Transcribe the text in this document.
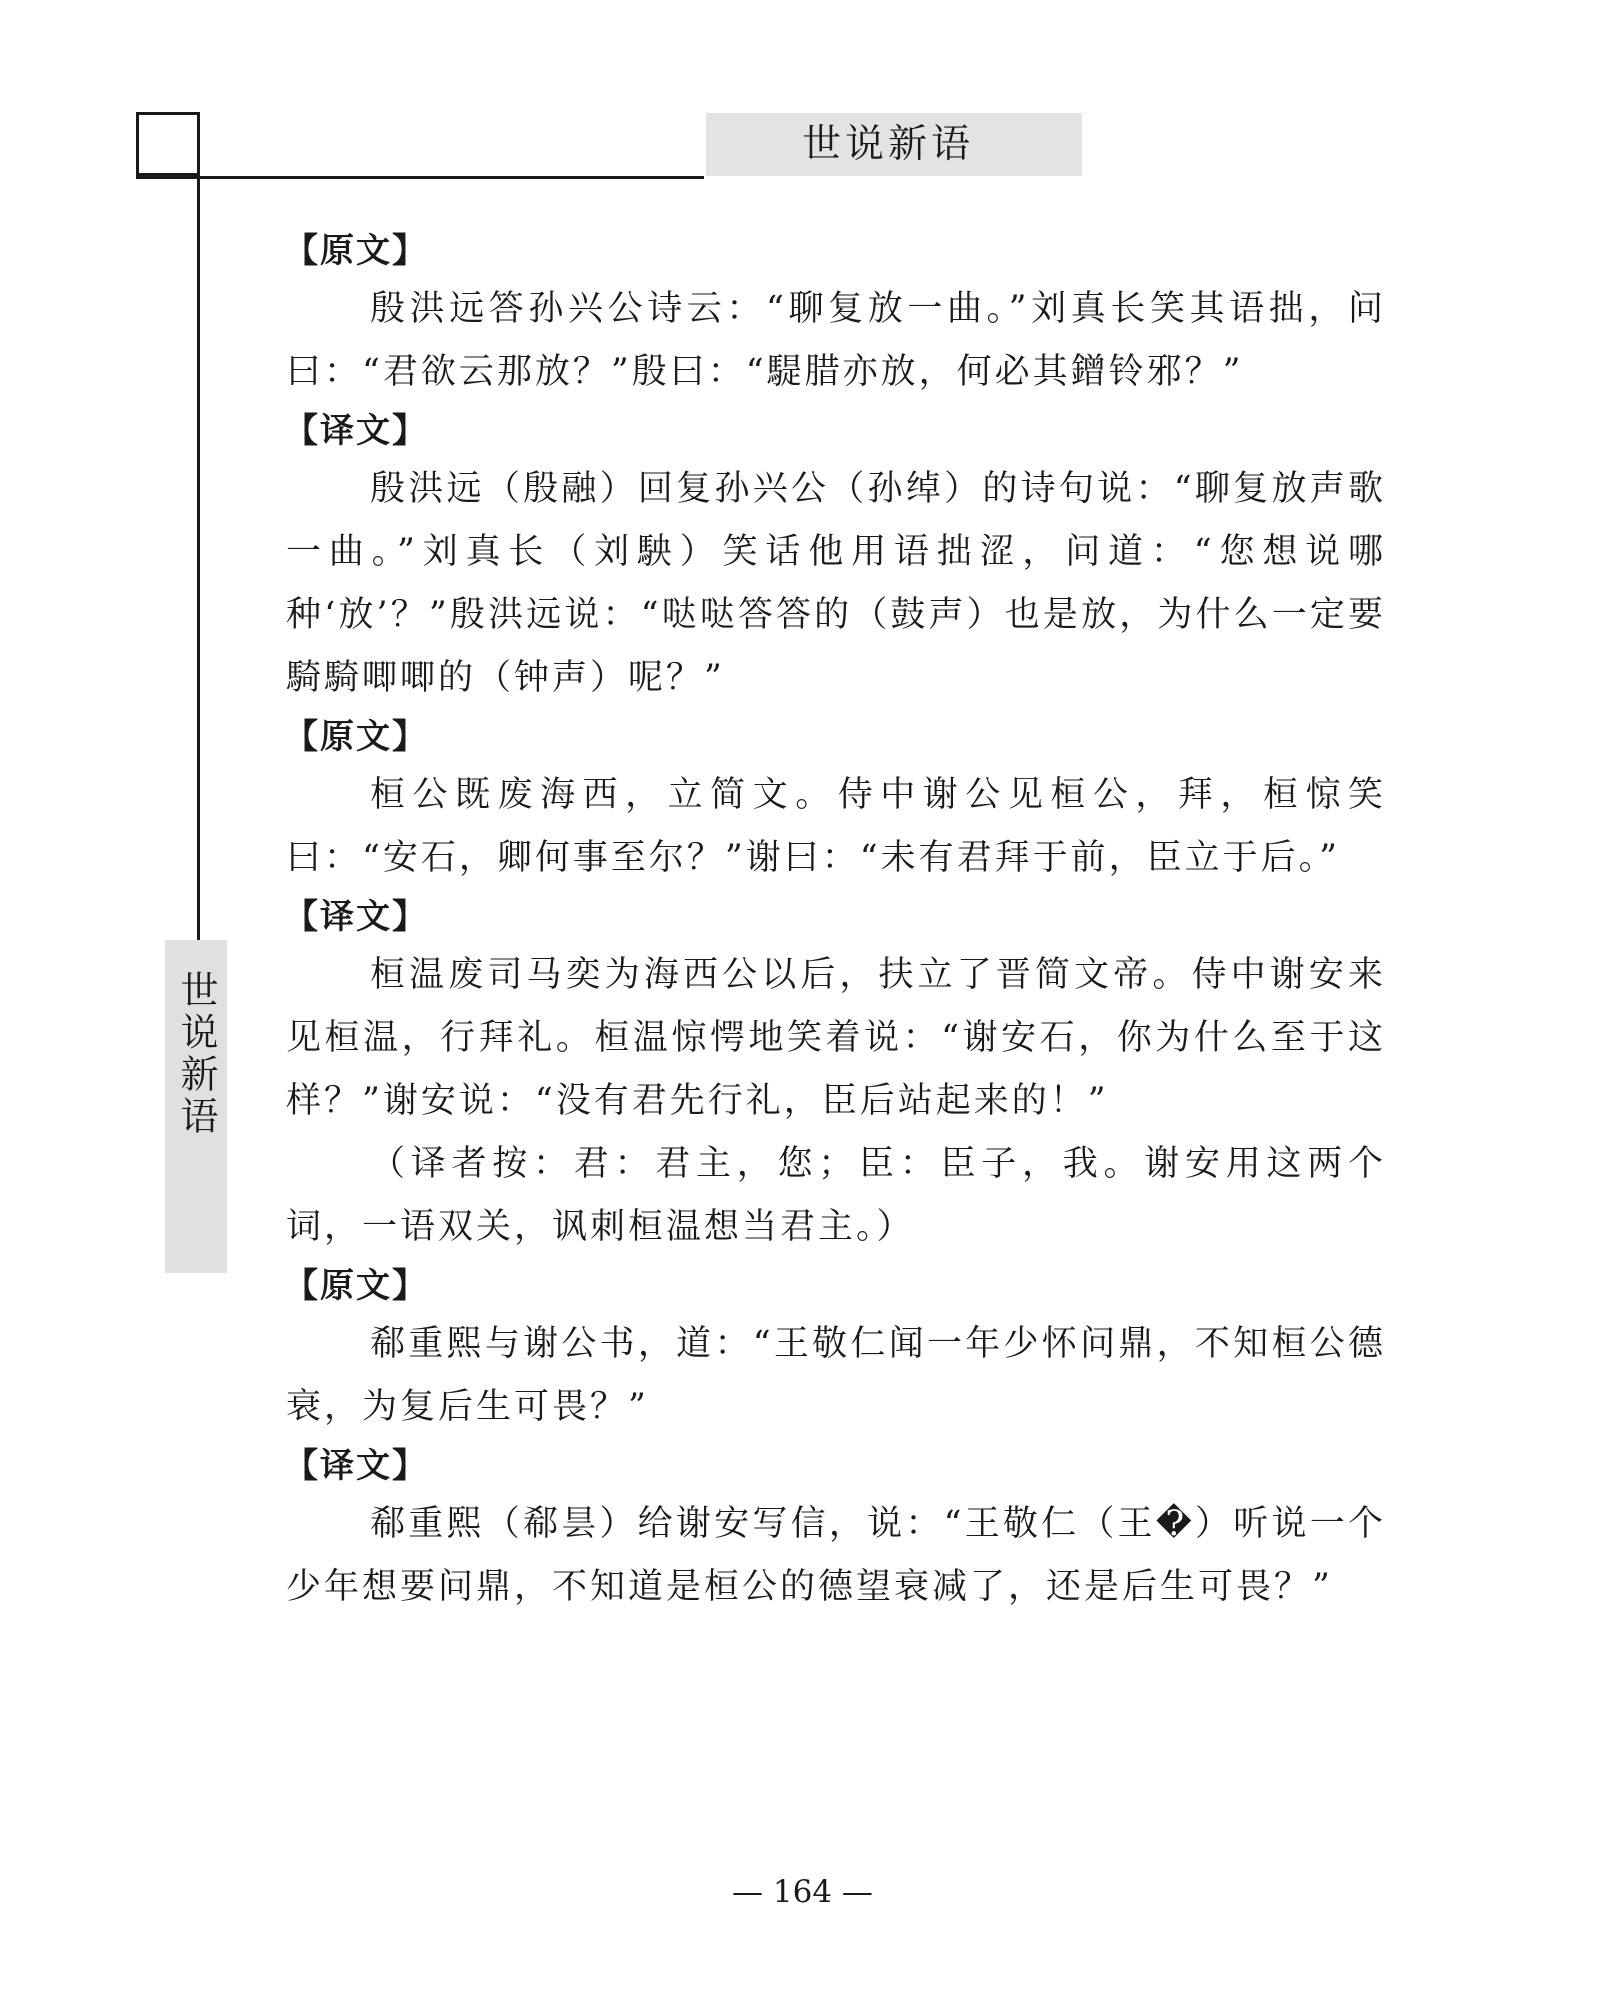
世说新语
世说新语
【原文】

殷洪远答孙兴公诗云：“聊复放一曲。”刘真长笑其语拙，问曰：“君欲云那放？”殷曰：“騠腊亦放，何必其鏳铃邪？”

【译文】

殷洪远（殷融）回复孙兴公（孙绰）的诗句说：“聊复放声歌一曲。”刘真长（刘駚）笑话他用语拙涩，问道：“您想说哪种‘放’？”殷洪远说：“哒哒答答的（鼓声）也是放，为什么一定要騎騎唧唧的（钟声）呢？”

【原文】

桓公既废海西，立简文。侍中谢公见桓公，拜，桓惊笑曰：“安石，卿何事至尔？”谢曰：“未有君拜于前，臣立于后。”

【译文】

桓温废司马奕为海西公以后，扶立了晋简文帝。侍中谢安来见桓温，行拜礼。桓温惊愕地笑着说：“谢安石，你为什么至于这样？”谢安说：“没有君先行礼，臣后站起来的！”

（译者按：君：君主，您；臣：臣子，我。谢安用这两个词，一语双关，讽刺桓温想当君主。）

【原文】

郗重熙与谢公书，道：“王敬仁闻一年少怀问鼎，不知桓公德衰，为复后生可畏？”

【译文】

郗重熙（郗昙）给谢安写信，说：“王敬仁（王�）听说一个少年想要问鼎，不知道是桓公的德望衰减了，还是后生可畏？”

— 164 —
